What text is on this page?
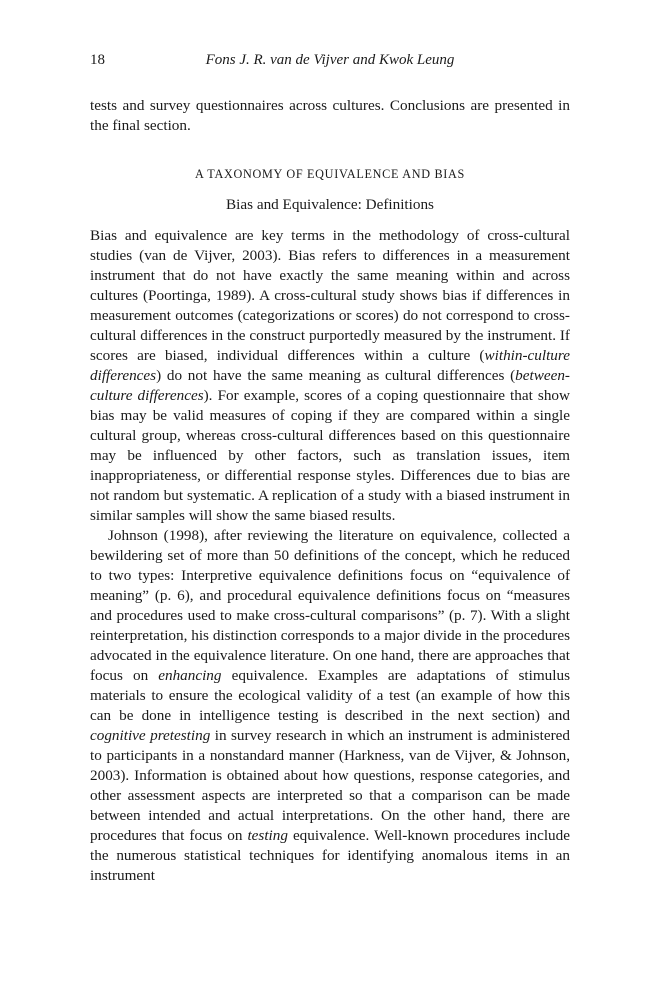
18	Fons J. R. van de Vijver and Kwok Leung

tests and survey questionnaires across cultures. Conclusions are presented in the final section.

A TAXONOMY OF EQUIVALENCE AND BIAS
Bias and Equivalence: Definitions

Bias and equivalence are key terms in the methodology of cross-cultural studies (van de Vijver, 2003). Bias refers to differences in a measurement instrument that do not have exactly the same meaning within and across cultures (Poortinga, 1989). A cross-cultural study shows bias if differences in measurement outcomes (categorizations or scores) do not correspond to cross-cultural differences in the construct purportedly measured by the instrument. If scores are biased, individual differences within a culture (within-culture differences) do not have the same meaning as cultural differences (between-culture differences). For example, scores of a coping questionnaire that show bias may be valid measures of coping if they are compared within a single cultural group, whereas cross-cultural differences based on this questionnaire may be influenced by other factors, such as translation issues, item inappropriateness, or differential response styles. Differences due to bias are not random but systematic. A replication of a study with a biased instrument in similar samples will show the same biased results.

Johnson (1998), after reviewing the literature on equivalence, collected a bewildering set of more than 50 definitions of the concept, which he reduced to two types: Interpretive equivalence definitions focus on “equivalence of meaning” (p. 6), and procedural equivalence definitions focus on “measures and procedures used to make cross-cultural comparisons” (p. 7). With a slight reinterpretation, his distinction corresponds to a major divide in the procedures advocated in the equivalence literature. On one hand, there are approaches that focus on enhancing equivalence. Examples are adaptations of stimulus materials to ensure the ecological validity of a test (an example of how this can be done in intelligence testing is described in the next section) and cognitive pretesting in survey research in which an instrument is administered to participants in a nonstandard manner (Harkness, van de Vijver, & Johnson, 2003). Information is obtained about how questions, response categories, and other assessment aspects are interpreted so that a comparison can be made between intended and actual interpretations. On the other hand, there are procedures that focus on testing equivalence. Well-known procedures include the numerous statistical techniques for identifying anomalous items in an instrument
